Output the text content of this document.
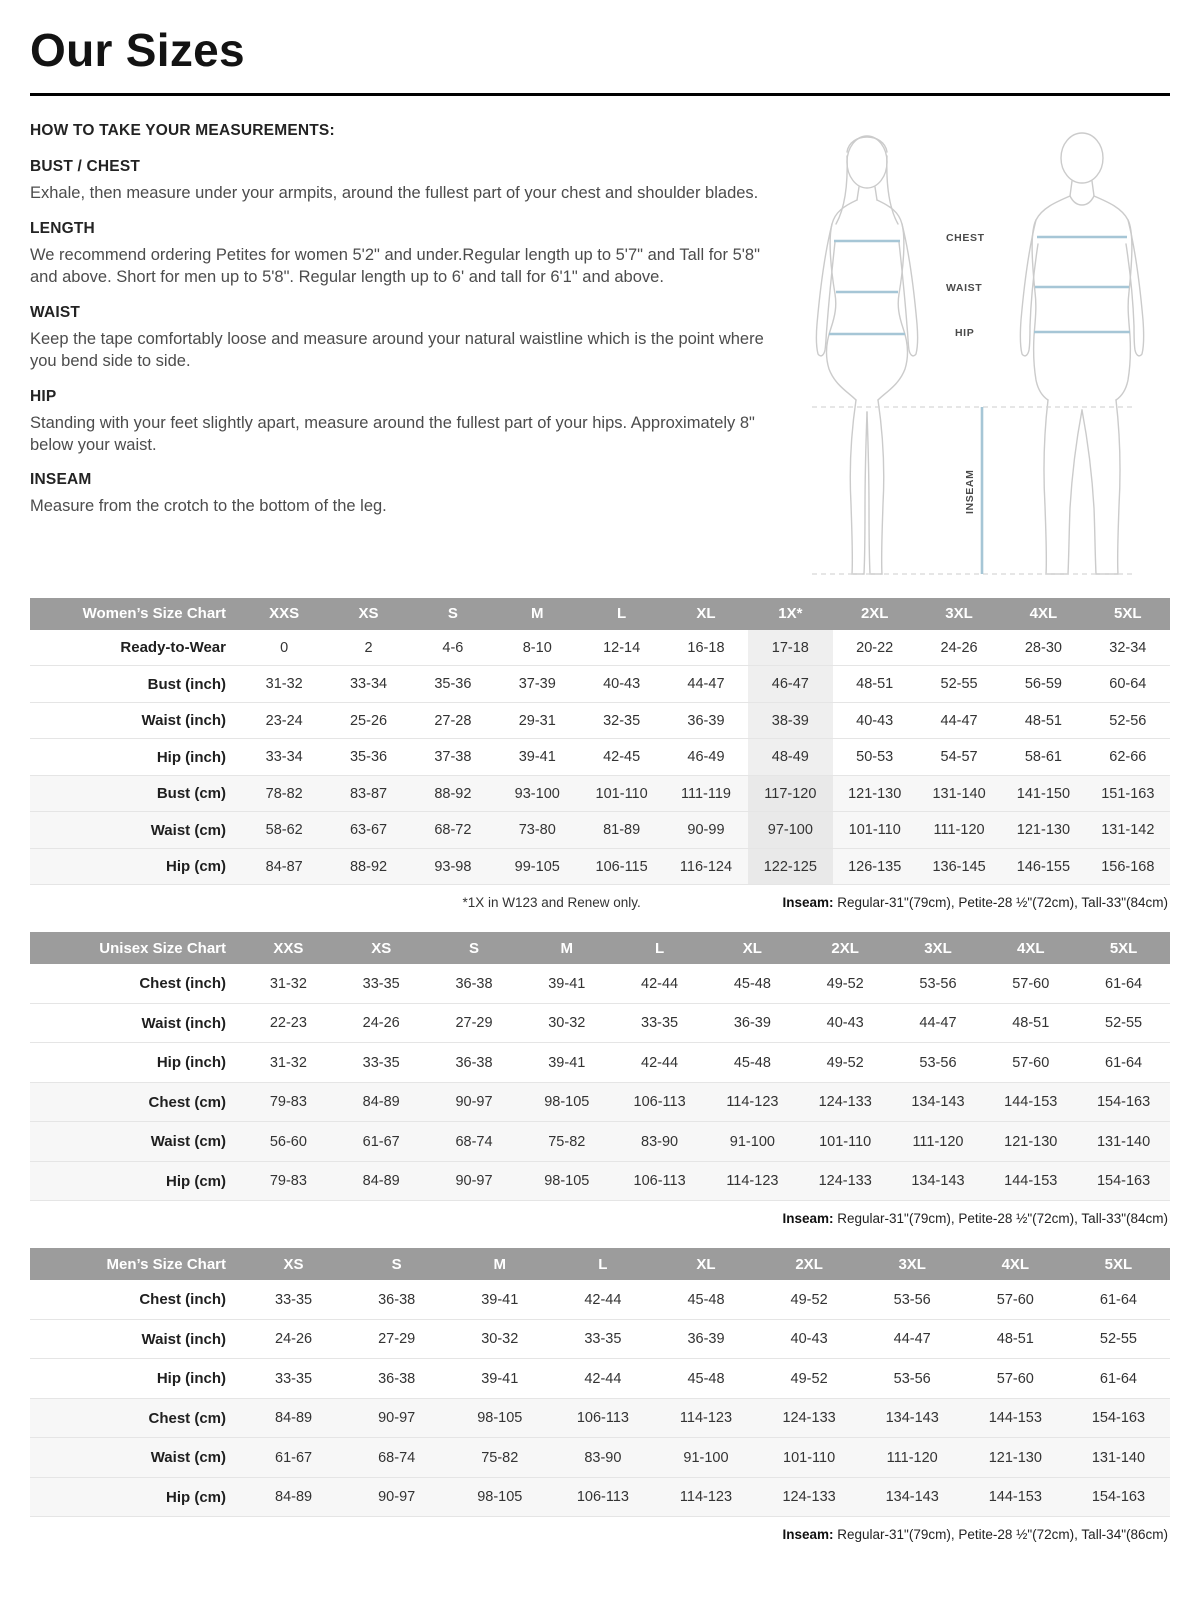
Our Sizes
HOW TO TAKE YOUR MEASUREMENTS:
BUST / CHEST
Exhale, then measure under your armpits, around the fullest part of your chest and shoulder blades.
LENGTH
We recommend ordering Petites for women 5'2" and under.Regular length up to 5'7" and Tall for 5'8" and above. Short for men up to 5'8". Regular length up to 6' and tall for 6'1" and above.
WAIST
Keep the tape comfortably loose and measure around your natural waistline which is the point where you bend side to side.
HIP
Standing with your feet slightly apart, measure around the fullest part of your hips. Approximately 8" below your waist.
INSEAM
Measure from the crotch to the bottom of the leg.
CHEST
WAIST
HIP
INSEAM
Women’s Size Chart	XXS	XS	S	M	L	XL	1X*	2XL	3XL	4XL	5XL
Ready-to-Wear	0	2	4-6	8-10	12-14	16-18	17-18	20-22	24-26	28-30	32-34
Bust (inch)	31-32	33-34	35-36	37-39	40-43	44-47	46-47	48-51	52-55	56-59	60-64
Waist (inch)	23-24	25-26	27-28	29-31	32-35	36-39	38-39	40-43	44-47	48-51	52-56
Hip (inch)	33-34	35-36	37-38	39-41	42-45	46-49	48-49	50-53	54-57	58-61	62-66
Bust (cm)	78-82	83-87	88-92	93-100	101-110	111-119	117-120	121-130	131-140	141-150	151-163
Waist (cm)	58-62	63-67	68-72	73-80	81-89	90-99	97-100	101-110	111-120	121-130	131-142
Hip (cm)	84-87	88-92	93-98	99-105	106-115	116-124	122-125	126-135	136-145	146-155	156-168
*1X in W123 and Renew only.	Inseam: Regular-31"(79cm), Petite-28 ½"(72cm), Tall-33"(84cm)
Unisex Size Chart	XXS	XS	S	M	L	XL	2XL	3XL	4XL	5XL
Chest (inch)	31-32	33-35	36-38	39-41	42-44	45-48	49-52	53-56	57-60	61-64
Waist (inch)	22-23	24-26	27-29	30-32	33-35	36-39	40-43	44-47	48-51	52-55
Hip (inch)	31-32	33-35	36-38	39-41	42-44	45-48	49-52	53-56	57-60	61-64
Chest (cm)	79-83	84-89	90-97	98-105	106-113	114-123	124-133	134-143	144-153	154-163
Waist (cm)	56-60	61-67	68-74	75-82	83-90	91-100	101-110	111-120	121-130	131-140
Hip (cm)	79-83	84-89	90-97	98-105	106-113	114-123	124-133	134-143	144-153	154-163
Inseam: Regular-31"(79cm), Petite-28 ½"(72cm), Tall-33"(84cm)
Men’s Size Chart	XS	S	M	L	XL	2XL	3XL	4XL	5XL
Chest (inch)	33-35	36-38	39-41	42-44	45-48	49-52	53-56	57-60	61-64
Waist (inch)	24-26	27-29	30-32	33-35	36-39	40-43	44-47	48-51	52-55
Hip (inch)	33-35	36-38	39-41	42-44	45-48	49-52	53-56	57-60	61-64
Chest (cm)	84-89	90-97	98-105	106-113	114-123	124-133	134-143	144-153	154-163
Waist (cm)	61-67	68-74	75-82	83-90	91-100	101-110	111-120	121-130	131-140
Hip (cm)	84-89	90-97	98-105	106-113	114-123	124-133	134-143	144-153	154-163
Inseam: Regular-31"(79cm), Petite-28 ½"(72cm), Tall-34"(86cm)
